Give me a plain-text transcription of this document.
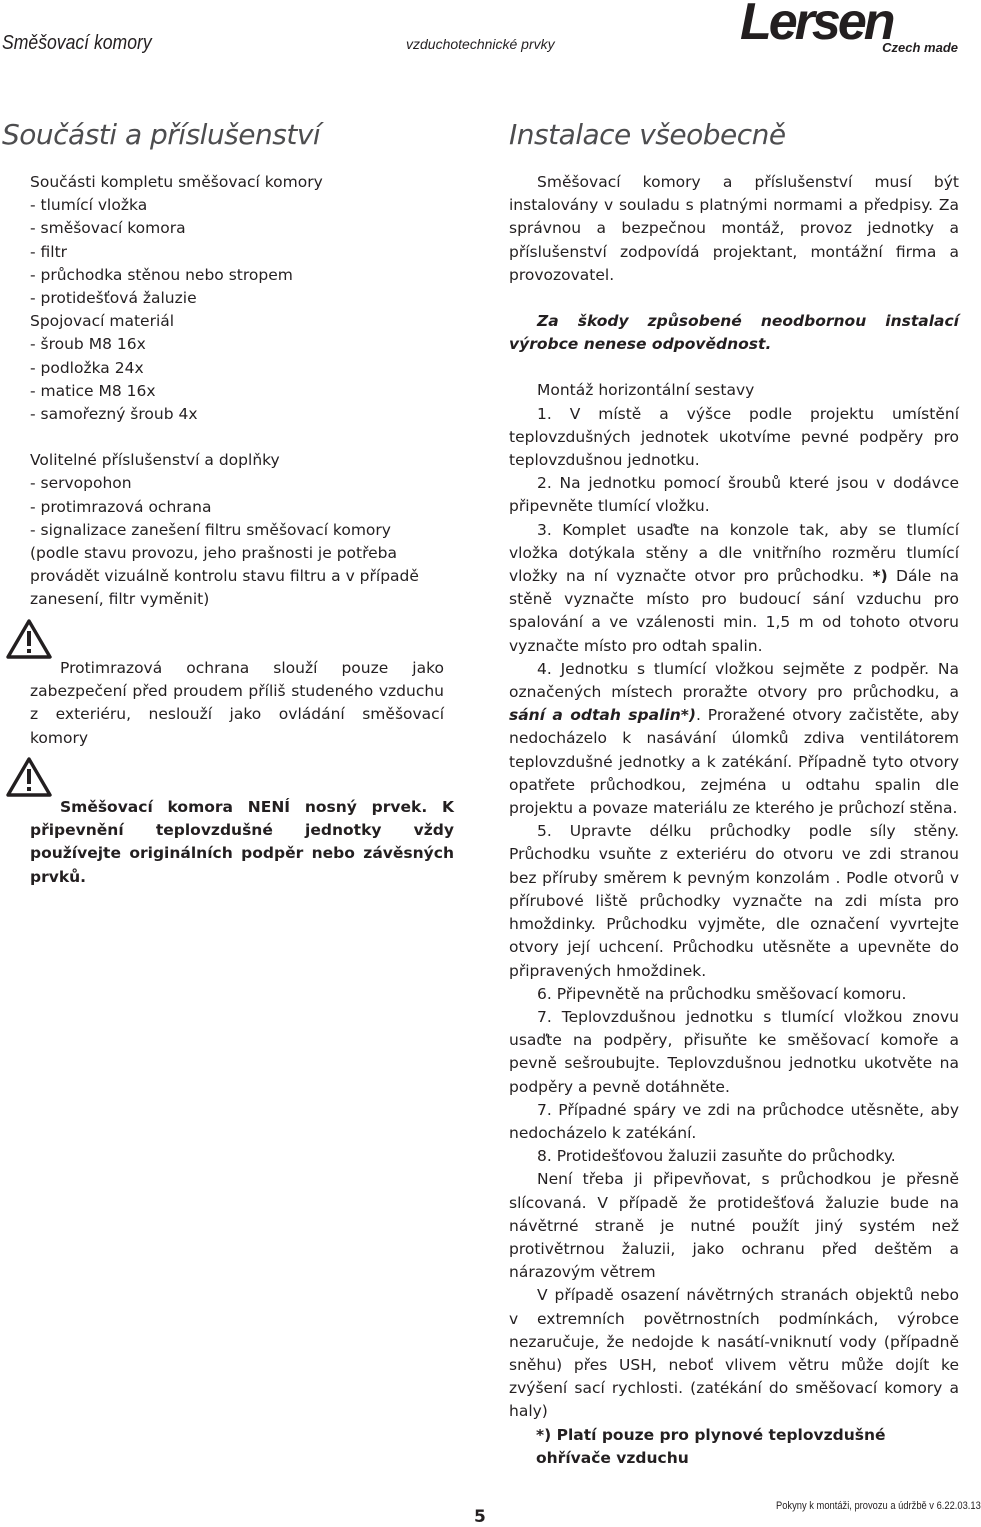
Směšovací komory	vzduchotechnické prvky	Lersen
Czech made
Součásti a příslušenství

Součásti kompletu směšovací komory

- tlumící vložka

- směšovací komora

- filtr

- průchodka stěnou nebo stropem

- protidešťová žaluzie

Spojovací materiál

- šroub M8 16x

- podložka 24x

- matice M8 16x

- samořezný šroub 4x

Volitelné příslušenství a doplňky

- servopohon

- protimrazová ochrana

- signalizace zanešení filtru směšovací komory

(podle stavu provozu, jeho prašnosti je potřeba provádět vizuálně kontrolu stavu filtru a v případě zanesení, filtr vyměnit)

Protimrazová ochrana slouží pouze jako zabezpečení před proudem příliš studeného vzduchu z exteriéru, neslouží jako ovládání směšovací komory
Směšovací komora NENÍ nosný prvek. K připevnění teplovzdušné jednotky vždy používejte originálních podpěr nebo závěsných prvků.
Instalace všeobecně

Směšovací komory a příslušenství musí být instalovány v souladu s platnými normami a předpisy. Za správnou a bezpečnou montáž, provoz jednotky a příslušenství zodpovídá projektant, montážní firma a provozovatel.

Za škody způsobené neodbornou instalací výrobce nenese odpovědnost.

Montáž horizontální sestavy

1. V místě a výšce podle projektu umístění teplovzdušných jednotek ukotvíme pevné podpěry pro teplovzdušnou jednotku.

2. Na jednotku pomocí šroubů které jsou v dodávce připevněte tlumící vložku.

3. Komplet usaďte na konzole tak, aby se tlumící vložka dotýkala stěny a dle vnitřního rozměru tlumící vložky na ní vyznačte otvor pro průchodku. *) Dále na stěně vyznačte místo pro budoucí sání vzduchu pro spalování a ve vzálenosti min. 1,5 m od tohoto otvoru vyznačte místo pro odtah spalin.

4. Jednotku s tlumící vložkou sejměte z podpěr. Na označených místech proražte otvory pro průchodku, a sání a odtah spalin*). Proražené otvory začistěte, aby nedocházelo k nasávání úlomků zdiva ventilátorem teplovzdušné jednotky a k zatékání. Případně tyto otvory opatřete průchodkou, zejména u odtahu spalin dle projektu a povaze materiálu ze kterého je průchozí stěna.

5. Upravte délku průchodky podle síly stěny. Průchodku vsuňte z exteriéru do otvoru ve zdi stranou bez příruby směrem k pevným konzolám . Podle otvorů v přírubové liště průchodky vyznačte na zdi místa pro hmoždinky. Průchodku vyjměte, dle označení vyvrtejte otvory její uchcení. Průchodku utěsněte a upevněte do připravených hmoždinek.

6. Připevnětě na průchodku směšovací komoru.

7. Teplovzdušnou jednotku s tlumící vložkou znovu usaďte na podpěry, přisuňte ke směšovací komoře a pevně sešroubujte. Teplovzdušnou jednotku ukotvěte na podpěry a pevně dotáhněte.

7. Případné spáry ve zdi na průchodce utěsněte, aby nedocházelo k zatékání.

8. Protidešťovou žaluzii zasuňte do průchodky.

Není třeba ji připevňovat, s průchodkou je přesně slícovaná. V případě že protidešťová žaluzie bude na návětrné straně je nutné použít jiný systém než protivětrnou žaluzii, jako ochranu před deštěm a nárazovým větrem

V případě osazení návětrných stranách objektů nebo v extremních povětrnostních podmínkách, výrobce nezaručuje, že nedojde k nasátí-vniknutí vody (případně sněhu) přes USH, neboť vlivem větru může dojít ke zvýšení sací rychlosti. (zatékání do směšovací komory a haly)

*) Platí pouze pro plynové teplovzdušné ohřívače vzduchu
5
Pokyny k montáži, provozu a údržbě v 6.22.03.13
